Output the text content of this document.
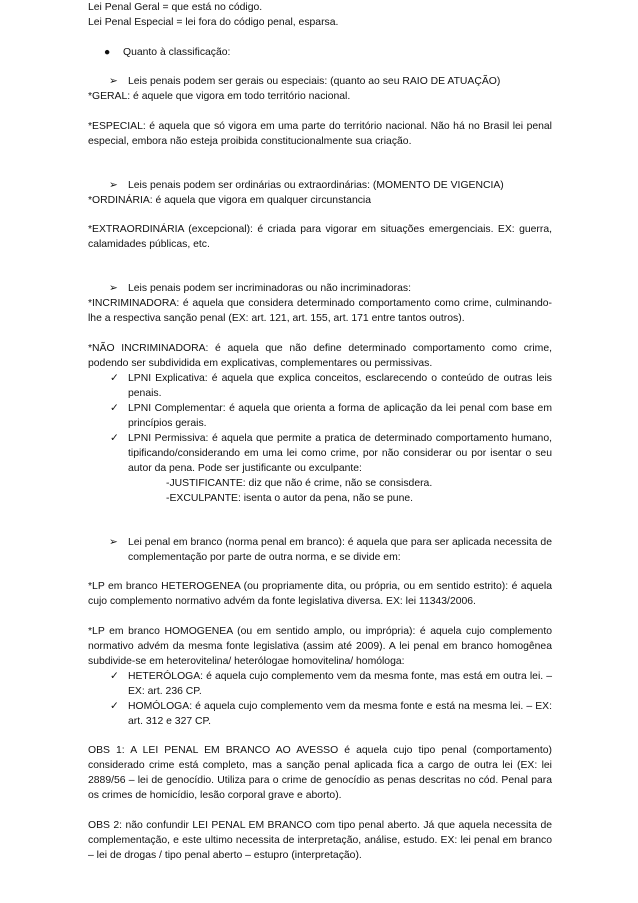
Lei Penal Geral = que está no código.

Lei Penal Especial = lei fora do código penal, esparsa.

● Quanto à classificação:

➢ Leis penais podem ser gerais ou especiais: (quanto ao seu RAIO DE ATUAÇÃO)

*GERAL: é aquele que vigora em todo território nacional.

*ESPECIAL: é aquela que só vigora em uma parte do território nacional. Não há no Brasil lei penal especial, embora não esteja proibida constitucionalmente sua criação.

➢ Leis penais podem ser ordinárias ou extraordinárias: (MOMENTO DE VIGENCIA)

*ORDINÁRIA: é aquela que vigora em qualquer circunstancia

*EXTRAORDINÁRIA (excepcional): é criada para vigorar em situações emergenciais. EX: guerra, calamidades públicas, etc.

➢ Leis penais podem ser incriminadoras ou não incriminadoras:

*INCRIMINADORA: é aquela que considera determinado comportamento como crime, culminando-lhe a respectiva sanção penal (EX: art. 121, art. 155, art. 171 entre tantos outros).

*NÃO INCRIMINADORA: é aquela que não define determinado comportamento como crime, podendo ser subdividida em explicativas, complementares ou permissivas.

✓ LPNI Explicativa: é aquela que explica conceitos, esclarecendo o conteúdo de outras leis penais.

✓ LPNI Complementar: é aquela que orienta a forma de aplicação da lei penal com base em princípios gerais.

✓ LPNI Permissiva: é aquela que permite a pratica de determinado comportamento humano, tipificando/considerando em uma lei como crime, por não considerar ou por isentar o seu autor da pena. Pode ser justificante ou exculpante:

-JUSTIFICANTE: diz que não é crime, não se consisdera.

-EXCULPANTE: isenta o autor da pena, não se pune.

➢ Lei penal em branco (norma penal em branco): é aquela que para ser aplicada necessita de complementação por parte de outra norma, e se divide em:

*LP em branco HETEROGENEA (ou propriamente dita, ou própria, ou em sentido estrito): é aquela cujo complemento normativo advém da fonte legislativa diversa. EX: lei 11343/2006.

*LP em branco HOMOGENEA (ou em sentido amplo, ou imprópria): é aquela cujo complemento normativo advém da mesma fonte legislativa (assim até 2009). A lei penal em branco homogênea subdivide-se em heterovitelina/ heterólogae homovitelina/ homóloga:

✓ HETERÓLOGA: é aquela cujo complemento vem da mesma fonte, mas está em outra lei. – EX: art. 236 CP.

✓ HOMÓLOGA: é aquela cujo complemento vem da mesma fonte e está na mesma lei. – EX: art. 312 e 327 CP.

OBS 1: A LEI PENAL EM BRANCO AO AVESSO é aquela cujo tipo penal (comportamento) considerado crime está completo, mas a sanção penal aplicada fica a cargo de outra lei (EX: lei 2889/56 – lei de genocídio. Utiliza para o crime de genocídio as penas descritas no cód. Penal para os crimes de homicídio, lesão corporal grave e aborto).

OBS 2: não confundir LEI PENAL EM BRANCO com tipo penal aberto. Já que aquela necessita de complementação, e este ultimo necessita de interpretação, análise, estudo. EX: lei penal em branco – lei de drogas / tipo penal aberto – estupro (interpretação).
